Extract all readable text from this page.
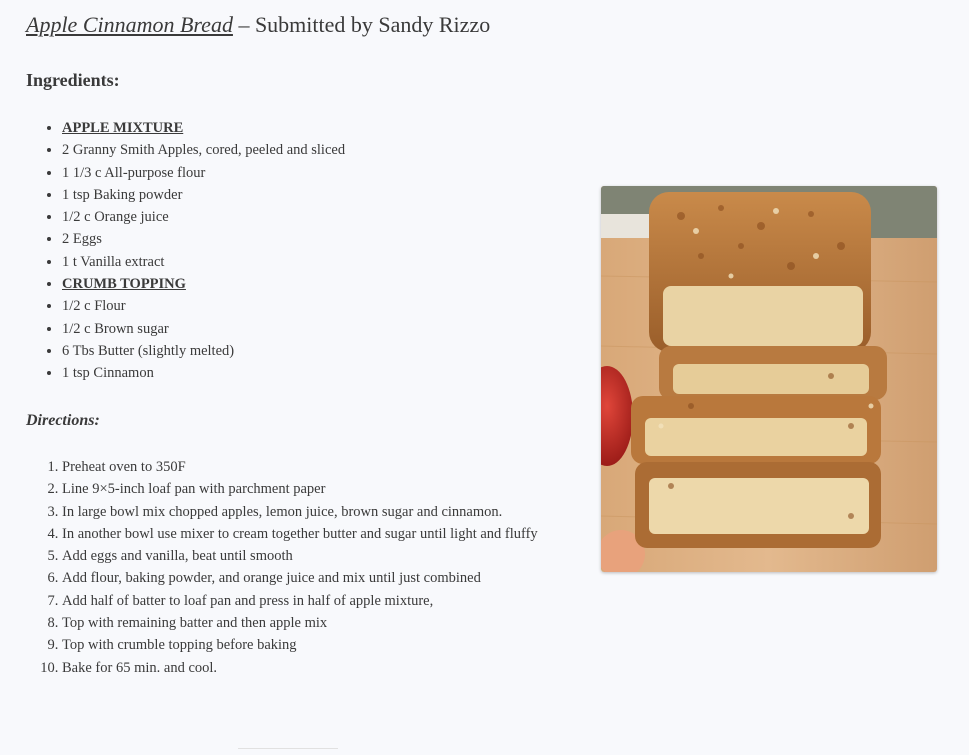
Apple Cinnamon Bread – Submitted by Sandy Rizzo
Ingredients:
• APPLE MIXTURE
• 2 Granny Smith Apples, cored, peeled and sliced
• 1 1/3 c All-purpose flour
• 1 tsp Baking powder
• 1/2 c Orange juice
• 2 Eggs
• 1 t Vanilla extract
• CRUMB TOPPING
• 1/2 c Flour
• 1/2 c Brown sugar
• 6 Tbs Butter (slightly melted)
• 1 tsp Cinnamon
Directions:
1. Preheat oven to 350F
2. Line 9×5-inch loaf pan with parchment paper
3. In large bowl mix chopped apples, lemon juice, brown sugar and cinnamon.
4. In another bowl use mixer to cream together butter and sugar until light and fluffy
5. Add eggs and vanilla, beat until smooth
6. Add flour, baking powder, and orange juice and mix until just combined
7. Add half of batter to loaf pan and press in half of apple mixture,
8. Top with remaining batter and then apple mix
9. Top with crumble topping before baking
10. Bake for 65 min. and cool.
